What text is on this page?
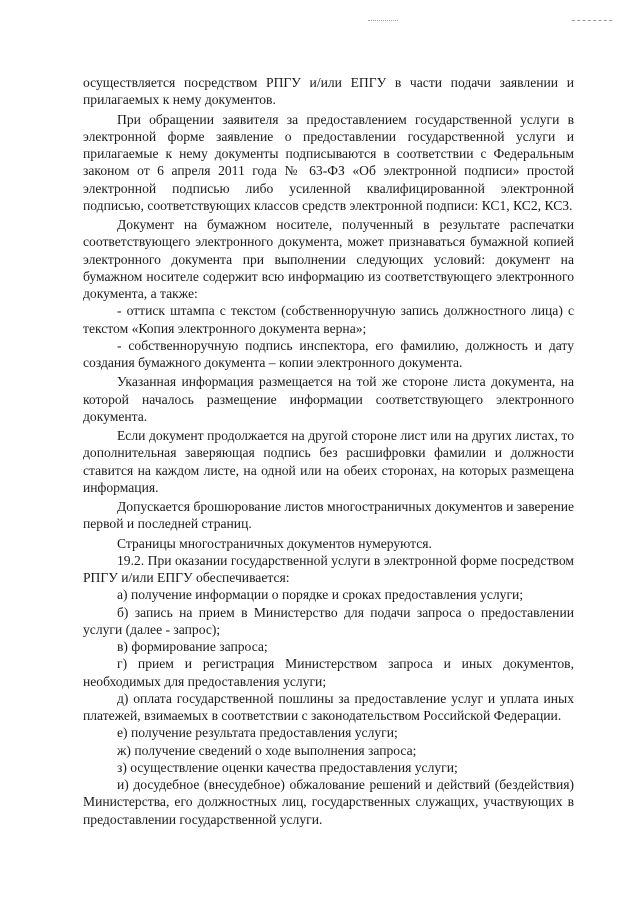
осуществляется посредством РПГУ и/или ЕПГУ в части подачи заявлении и прилагаемых к нему документов.

При обращении заявителя за предоставлением государственной услуги в электронной форме заявление о предоставлении государственной услуги и прилагаемые к нему документы подписываются в соответствии с Федеральным законом от 6 апреля 2011 года № 63-ФЗ «Об электронной подписи» простой электронной подписью либо усиленной квалифицированной электронной подписью, соответствующих классов средств электронной подписи: КС1, КС2, КС3.

Документ на бумажном носителе, полученный в результате распечатки соответствующего электронного документа, может признаваться бумажной копией электронного документа при выполнении следующих условий: документ на бумажном носителе содержит всю информацию из соответствующего электронного документа, а также:

- оттиск штампа с текстом (собственноручную запись должностного лица) с текстом «Копия электронного документа верна»;

- собственноручную подпись инспектора, его фамилию, должность и дату создания бумажного документа – копии электронного документа.

Указанная информация размещается на той же стороне листа документа, на которой началось размещение информации соответствующего электронного документа.

Если документ продолжается на другой стороне лист или на других листах, то дополнительная заверяющая подпись без расшифровки фамилии и должности ставится на каждом листе, на одной или на обеих сторонах, на которых размещена информация.

Допускается брошюрование листов многостраничных документов и заверение первой и последней страниц.

Страницы многостраничных документов нумеруются.

19.2. При оказании государственной услуги в электронной форме посредством РПГУ и/или ЕПГУ обеспечивается:

а) получение информации о порядке и сроках предоставления услуги;

б) запись на прием в Министерство для подачи запроса о предоставлении услуги (далее - запрос);

в) формирование запроса;

г) прием и регистрация Министерством запроса и иных документов, необходимых для предоставления услуги;

д) оплата государственной пошлины за предоставление услуг и уплата иных платежей, взимаемых в соответствии с законодательством Российской Федерации.

е) получение результата предоставления услуги;

ж) получение сведений о ходе выполнения запроса;

з) осуществление оценки качества предоставления услуги;

и) досудебное (внесудебное) обжалование решений и действий (бездействия) Министерства, его должностных лиц, государственных служащих, участвующих в предоставлении государственной услуги.
